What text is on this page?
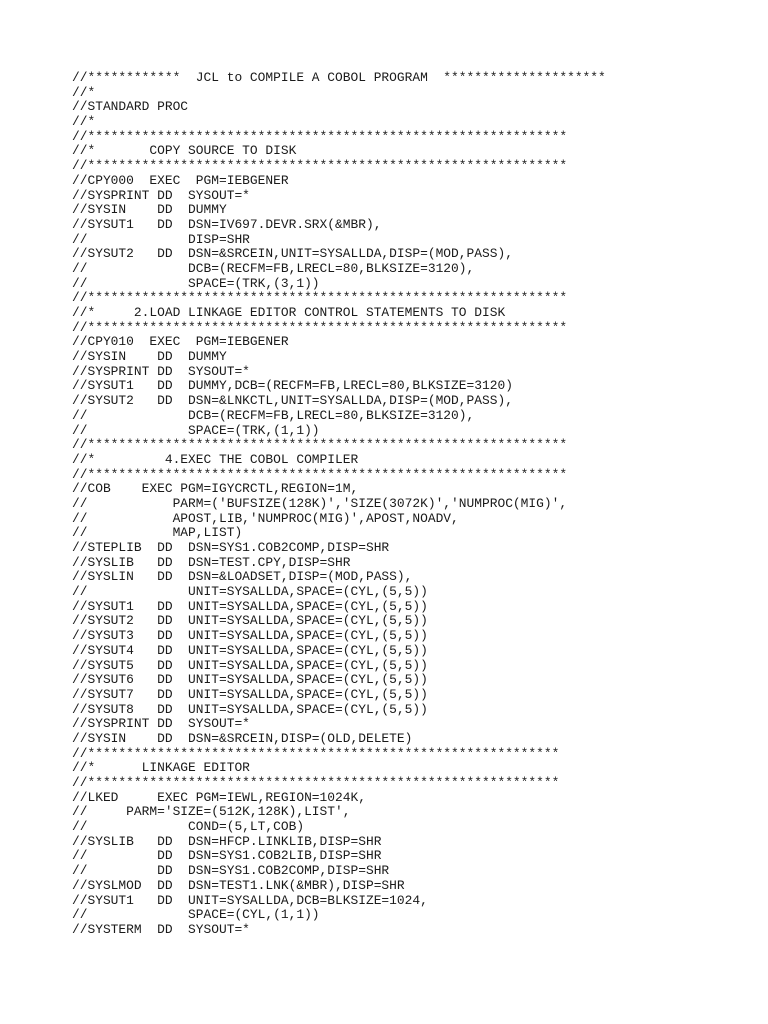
//************  JCL to COMPILE A COBOL PROGRAM  *********************
//*
//STANDARD PROC
//*
//**************************************************************
//*       COPY SOURCE TO DISK
//**************************************************************
//CPY000  EXEC  PGM=IEBGENER
//SYSPRINT DD  SYSOUT=*
//SYSIN    DD  DUMMY
//SYSUT1   DD  DSN=IV697.DEVR.SRX(&MBR),
//             DISP=SHR
//SYSUT2   DD  DSN=&SRCEIN,UNIT=SYSALLDA,DISP=(MOD,PASS),
//             DCB=(RECFM=FB,LRECL=80,BLKSIZE=3120),
//             SPACE=(TRK,(3,1))
//**************************************************************
//*     2.LOAD LINKAGE EDITOR CONTROL STATEMENTS TO DISK
//**************************************************************
//CPY010  EXEC  PGM=IEBGENER
//SYSIN    DD  DUMMY
//SYSPRINT DD  SYSOUT=*
//SYSUT1   DD  DUMMY,DCB=(RECFM=FB,LRECL=80,BLKSIZE=3120)
//SYSUT2   DD  DSN=&LNKCTL,UNIT=SYSALLDA,DISP=(MOD,PASS),
//             DCB=(RECFM=FB,LRECL=80,BLKSIZE=3120),
//             SPACE=(TRK,(1,1))
//**************************************************************
//*         4.EXEC THE COBOL COMPILER
//**************************************************************
//COB    EXEC PGM=IGYCRCTL,REGION=1M,
//           PARM=('BUFSIZE(128K)','SIZE(3072K)','NUMPROC(MIG)',
//           APOST,LIB,'NUMPROC(MIG)',APOST,NOADV,
//           MAP,LIST)
//STEPLIB  DD  DSN=SYS1.COB2COMP,DISP=SHR
//SYSLIB   DD  DSN=TEST.CPY,DISP=SHR
//SYSLIN   DD  DSN=&LOADSET,DISP=(MOD,PASS),
//             UNIT=SYSALLDA,SPACE=(CYL,(5,5))
//SYSUT1   DD  UNIT=SYSALLDA,SPACE=(CYL,(5,5))
//SYSUT2   DD  UNIT=SYSALLDA,SPACE=(CYL,(5,5))
//SYSUT3   DD  UNIT=SYSALLDA,SPACE=(CYL,(5,5))
//SYSUT4   DD  UNIT=SYSALLDA,SPACE=(CYL,(5,5))
//SYSUT5   DD  UNIT=SYSALLDA,SPACE=(CYL,(5,5))
//SYSUT6   DD  UNIT=SYSALLDA,SPACE=(CYL,(5,5))
//SYSUT7   DD  UNIT=SYSALLDA,SPACE=(CYL,(5,5))
//SYSUT8   DD  UNIT=SYSALLDA,SPACE=(CYL,(5,5))
//SYSPRINT DD  SYSOUT=*
//SYSIN    DD  DSN=&SRCEIN,DISP=(OLD,DELETE)
//*************************************************************
//*      LINKAGE EDITOR
//*************************************************************
//LKED     EXEC PGM=IEWL,REGION=1024K,
//     PARM='SIZE=(512K,128K),LIST',
//             COND=(5,LT,COB)
//SYSLIB   DD  DSN=HFCP.LINKLIB,DISP=SHR
//         DD  DSN=SYS1.COB2LIB,DISP=SHR
//         DD  DSN=SYS1.COB2COMP,DISP=SHR
//SYSLMOD  DD  DSN=TEST1.LNK(&MBR),DISP=SHR
//SYSUT1   DD  UNIT=SYSALLDA,DCB=BLKSIZE=1024,
//             SPACE=(CYL,(1,1))
//SYSTERM  DD  SYSOUT=*
